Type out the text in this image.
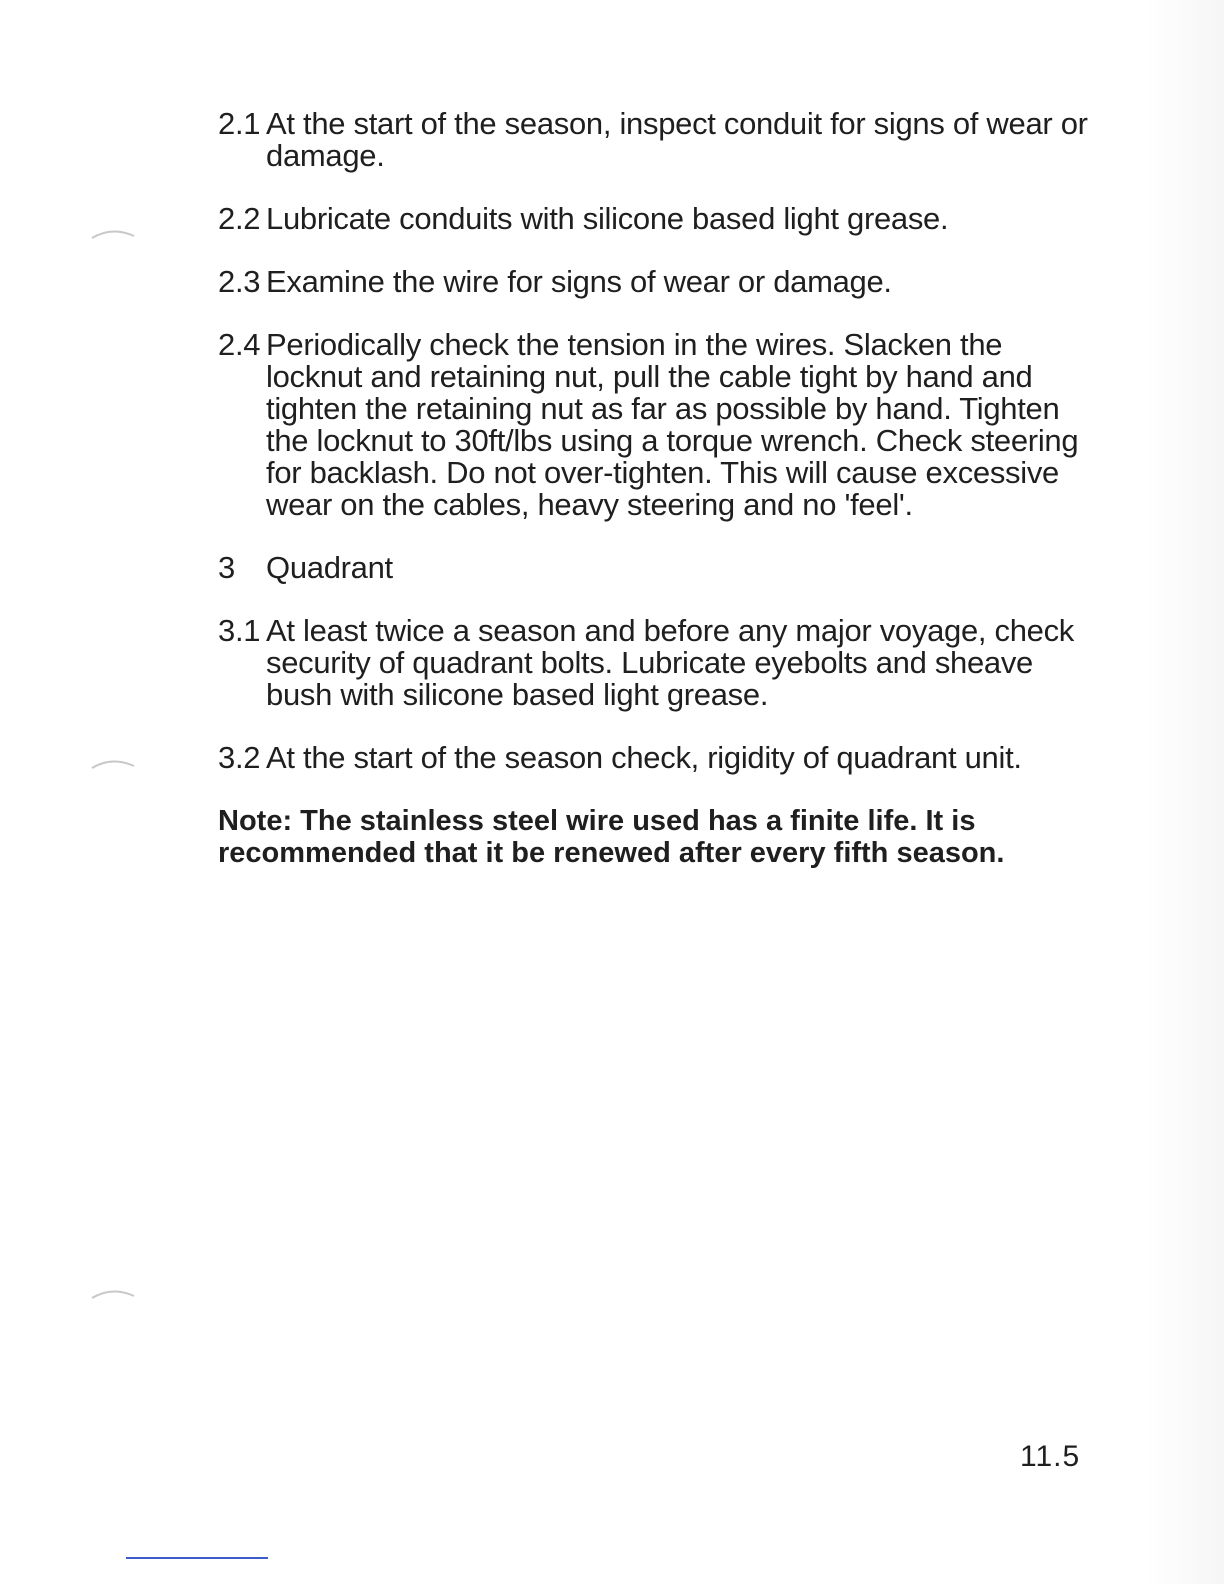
2.1 At the start of the season, inspect conduit for signs of wear or damage.
2.2 Lubricate conduits with silicone based light grease.
2.3 Examine the wire for signs of wear or damage.
2.4 Periodically check the tension in the wires. Slacken the locknut and retaining nut, pull the cable tight by hand and tighten the retaining nut as far as possible by hand. Tighten the locknut to 30ft/lbs using a torque wrench. Check steering for backlash. Do not over-tighten. This will cause excessive wear on the cables, heavy steering and no 'feel'.
3 Quadrant
3.1 At least twice a season and before any major voyage, check security of quadrant bolts. Lubricate eyebolts and sheave bush with silicone based light grease.
3.2 At the start of the season check, rigidity of quadrant unit.
Note: The stainless steel wire used has a finite life. It is recommended that it be renewed after every fifth season.
11.5
